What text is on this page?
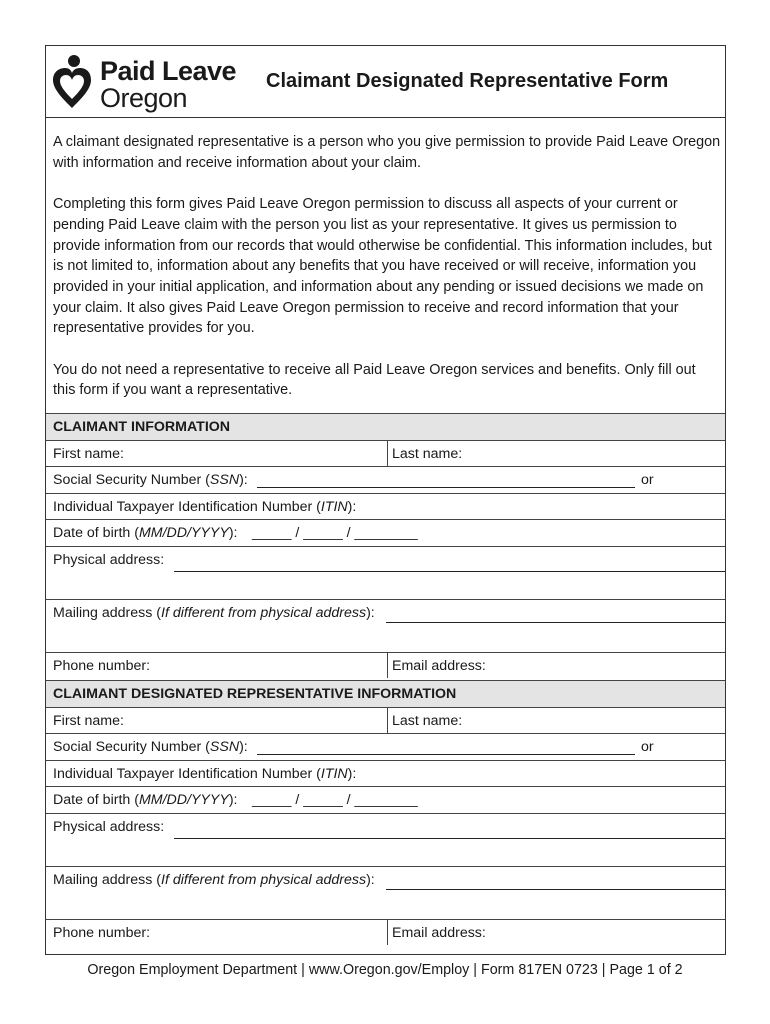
Paid Leave
Oregon
Claimant Designated Representative Form

A claimant designated representative is a person who you give permission to provide Paid Leave Oregon with information and receive information about your claim.

Completing this form gives Paid Leave Oregon permission to discuss all aspects of your current or pending Paid Leave claim with the person you list as your representative. It gives us permission to provide information from our records that would otherwise be confidential. This information includes, but is not limited to, information about any benefits that you have received or will receive, information you provided in your initial application, and information about any pending or issued decisions we made on your claim. It also gives Paid Leave Oregon permission to receive and record information that your representative provides for you.

You do not need a representative to receive all Paid Leave Oregon services and benefits. Only fill out this form if you want a representative.

CLAIMANT INFORMATION
First name:	Last name:
Social Security Number (SSN):	or
Individual Taxpayer Identification Number (ITIN):
Date of birth (MM/DD/YYYY): _____ / _____ / ________
Physical address:
Mailing address (If different from physical address):
Phone number:	Email address:
CLAIMANT DESIGNATED REPRESENTATIVE INFORMATION
First name:	Last name:
Social Security Number (SSN):	or
Individual Taxpayer Identification Number (ITIN):
Date of birth (MM/DD/YYYY): _____ / _____ / ________
Physical address:
Mailing address (If different from physical address):
Phone number:	Email address:
Oregon Employment Department | www.Oregon.gov/Employ | Form 817EN 0723 | Page 1 of 2
